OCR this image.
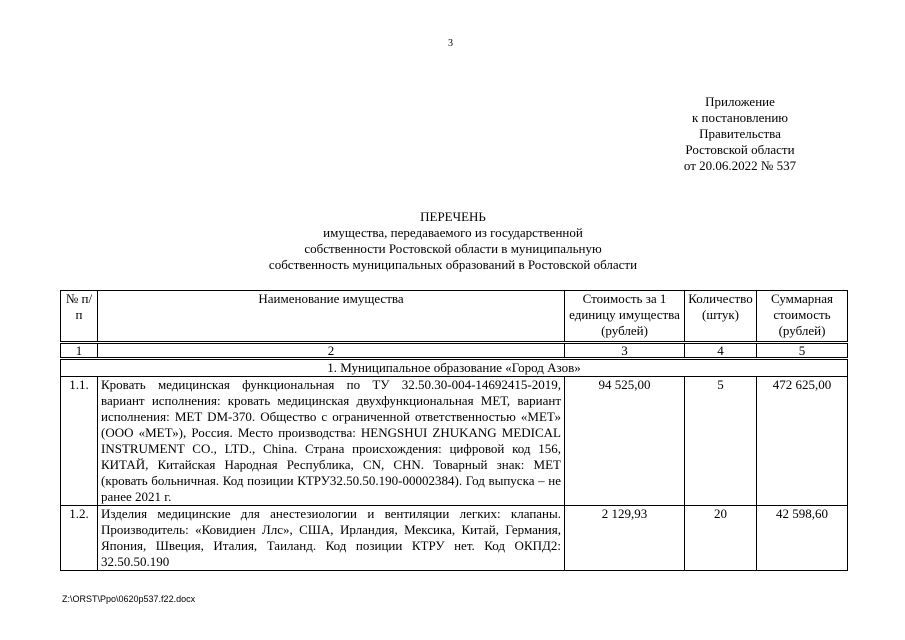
3
Приложение
к постановлению
Правительства
Ростовской области
от 20.06.2022 № 537
ПЕРЕЧЕНЬ
имущества, передаваемого из государственной
собственности Ростовской области в муниципальную
собственность муниципальных образований в Ростовской области
№ п/п	Наименование имущества	Стоимость за 1 единицу имущества (рублей)	Количество (штук)	Суммарная стоимость (рублей)
1	2	3	4	5
1. Муниципальное образование «Город Азов»				
1.1.	Кровать медицинская функциональная по ТУ 32.50.30-004-14692415-2019, вариант исполнения: кровать медицинская двухфункциональная МЕТ, вариант исполнения: MET DM-370. Общество с ограниченной ответственностью «МЕТ» (ООО «МЕТ»), Россия. Место производства: HENGSHUI ZHUKANG MEDICAL INSTRUMENT CO., LTD., China. Страна происхождения: цифровой код 156, КИТАЙ, Китайская Народная Республика, CN, CHN. Товарный знак: MET (кровать больничная. Код позиции КТРУ32.50.50.190-00002384). Год выпуска – не ранее 2021 г.	94 525,00	5	472 625,00
1.2.	Изделия медицинские для анестезиологии и вентиляции легких: клапаны. Производитель: «Ковидиен Ллс», США, Ирландия, Мексика, Китай, Германия, Япония, Швеция, Италия, Таиланд. Код позиции КТРУ нет. Код ОКПД2: 32.50.50.190	2 129,93	20	42 598,60
Z:\ORST\Ppo\0620p537.f22.docx
